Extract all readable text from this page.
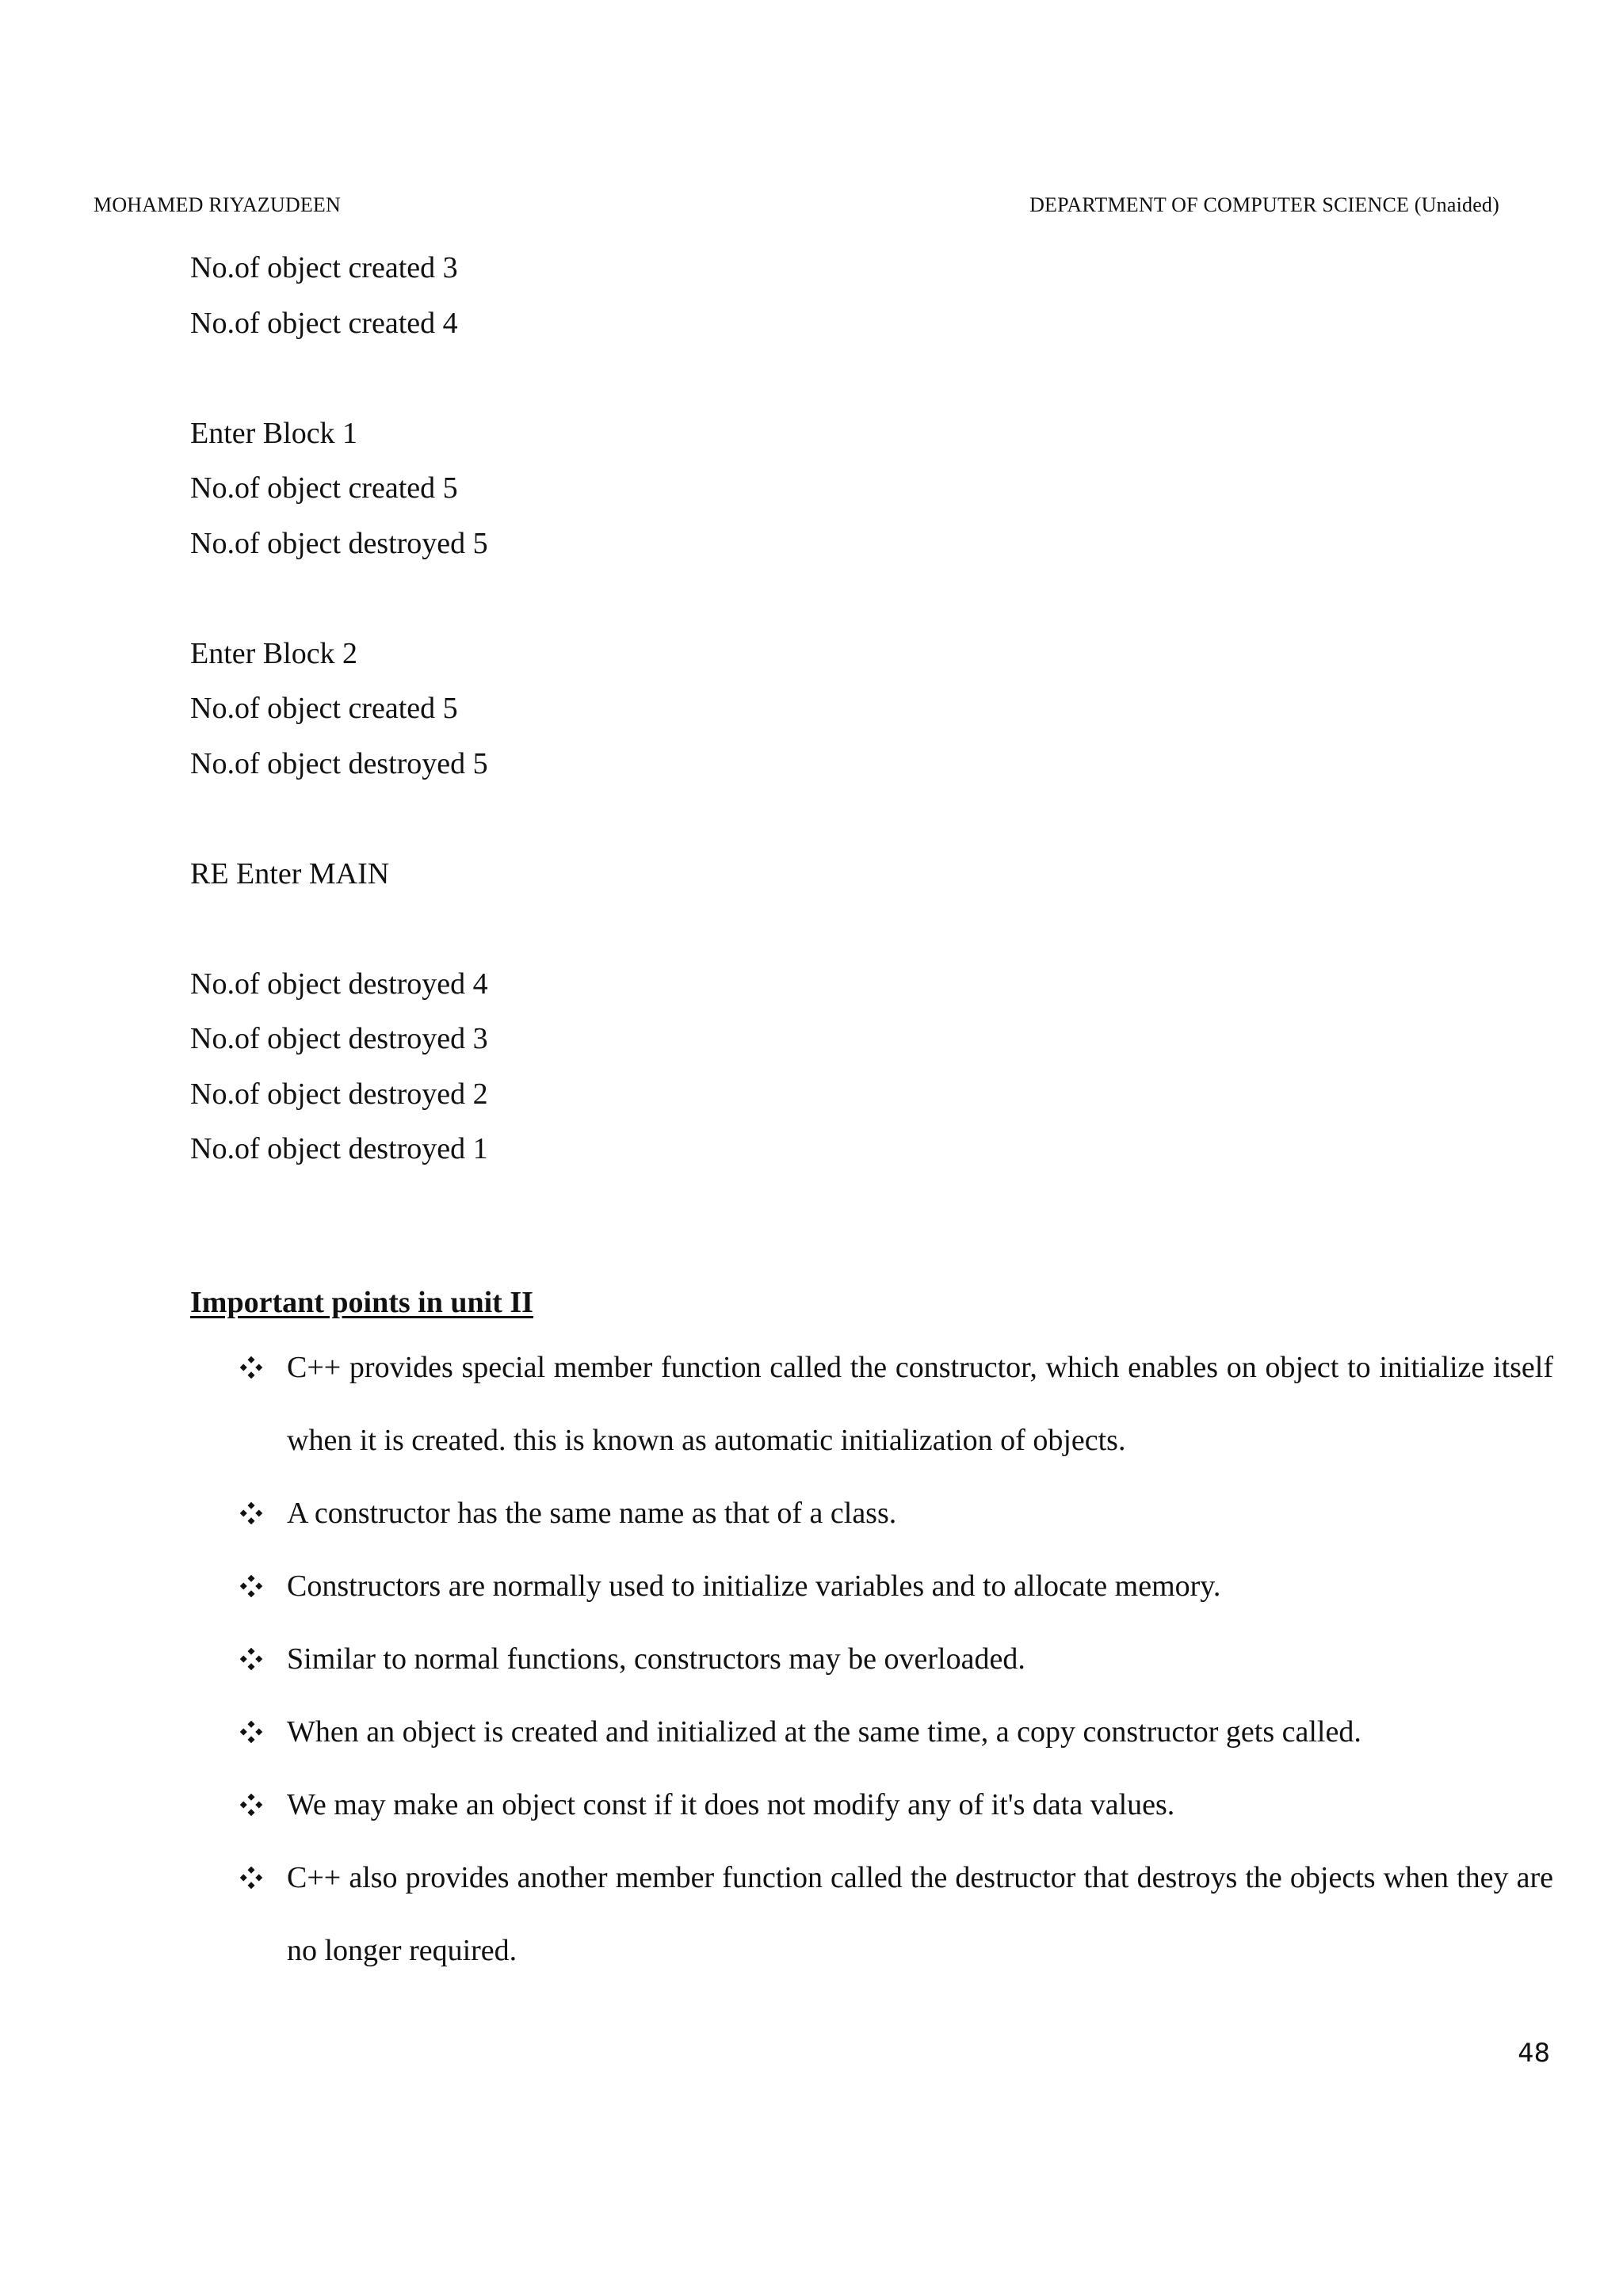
MOHAMED RIYAZUDEEN	DEPARTMENT OF COMPUTER SCIENCE (Unaided)
No.of object created 3
No.of object created 4
Enter Block 1
No.of object created 5
No.of object destroyed 5
Enter Block 2
No.of object created 5
No.of object destroyed 5
RE Enter MAIN
No.of object destroyed 4
No.of object destroyed 3
No.of object destroyed 2
No.of object destroyed 1
Important points in unit II
C++ provides special member function called the constructor, which enables on object to initialize itself when it is created. this is known as automatic initialization of objects.
A constructor has the same name as that of a class.
Constructors are normally used to initialize variables and to allocate memory.
Similar to normal functions, constructors may be overloaded.
When an object is created and initialized at the same time, a copy constructor gets called.
We may make an object const if it does not modify any of it's data values.
C++ also provides another member function called the destructor that destroys the objects when they are no longer required.
48
